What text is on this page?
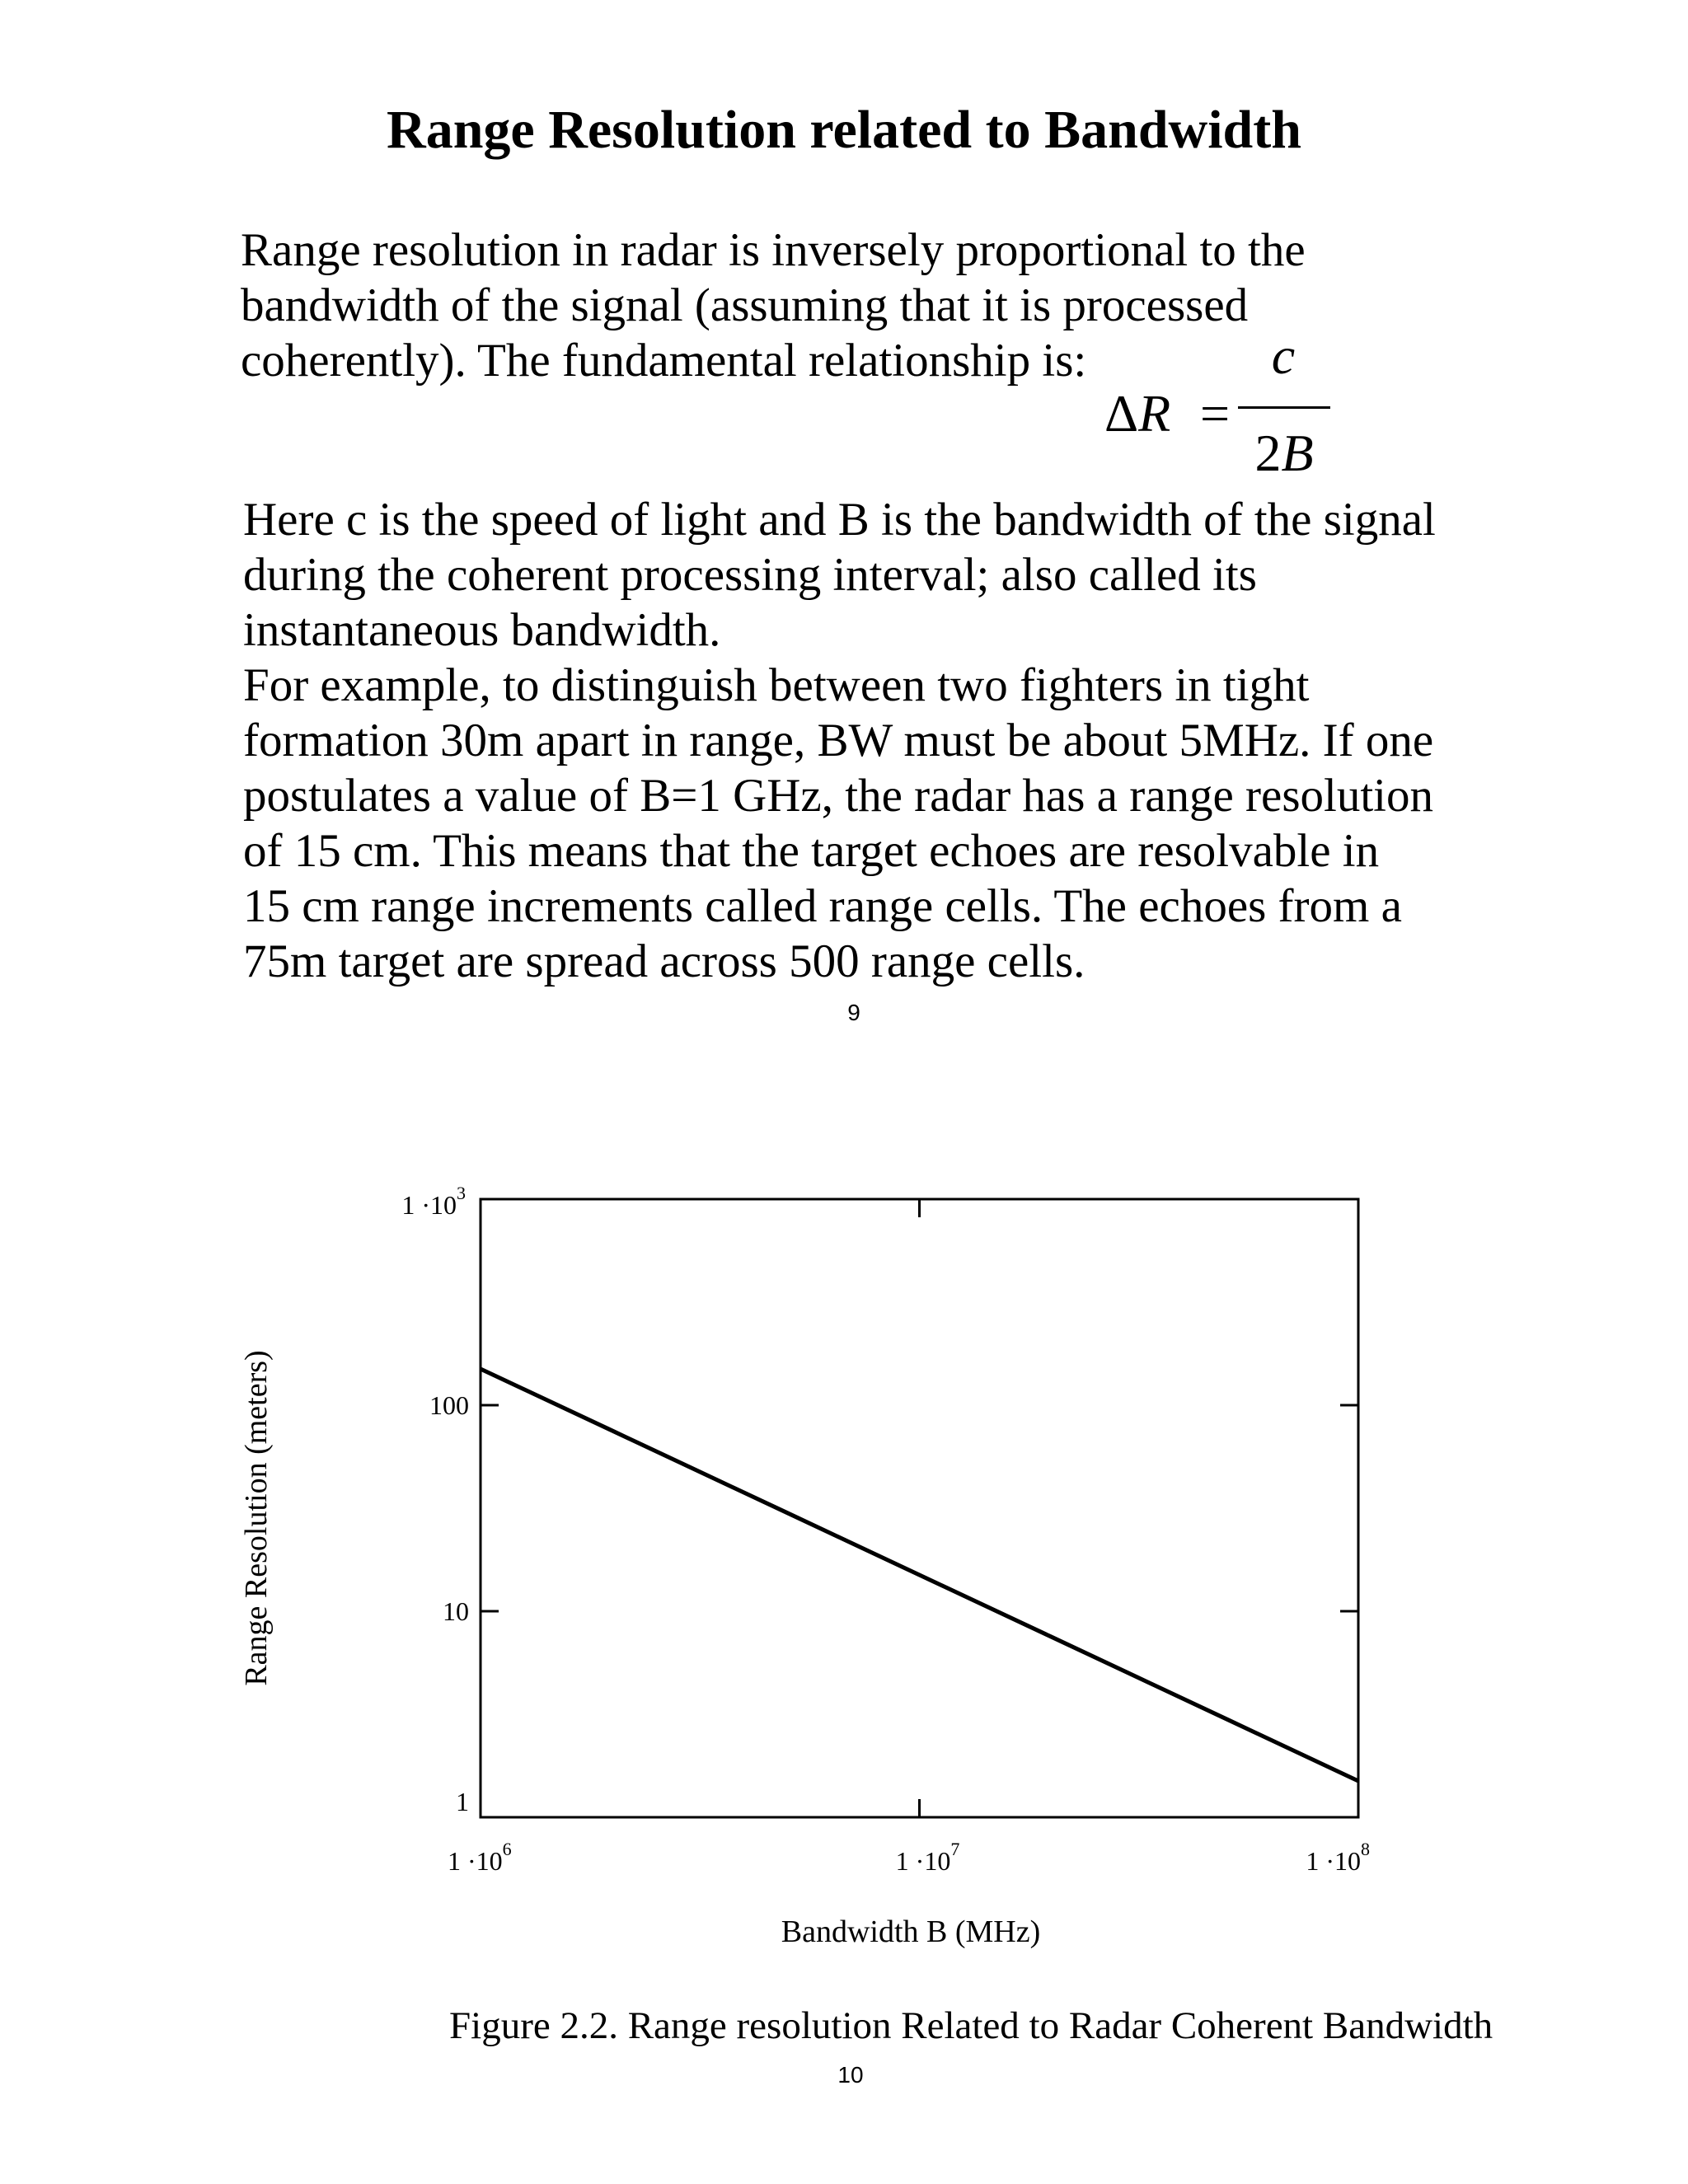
Range Resolution related to Bandwidth
Range resolution in radar is inversely proportional to the
bandwidth of the signal (assuming that it is processed
coherently). The fundamental relationship is:
ΔR =
c
2B
Here c is the speed of light and B is the bandwidth of the signal
during the coherent processing interval; also called its
instantaneous bandwidth.
For example, to distinguish between two fighters in tight
formation 30m apart in range, BW must be about 5MHz. If one
postulates a value of B=1 GHz, the radar has a range resolution
of 15 cm. This means that the target echoes are resolvable in
15 cm range increments called range cells. The echoes from a
75m target are spread across 500 range cells.

9

$1 \cdot 10^6$	$1 \cdot 10^7$	$1 \cdot 10^8$
1
10
100
$1 \cdot 10^3$
Bandwidth B (MHz)
Range Resolution (meters)

Figure 2.2. Range resolution Related to Radar Coherent Bandwidth

10
